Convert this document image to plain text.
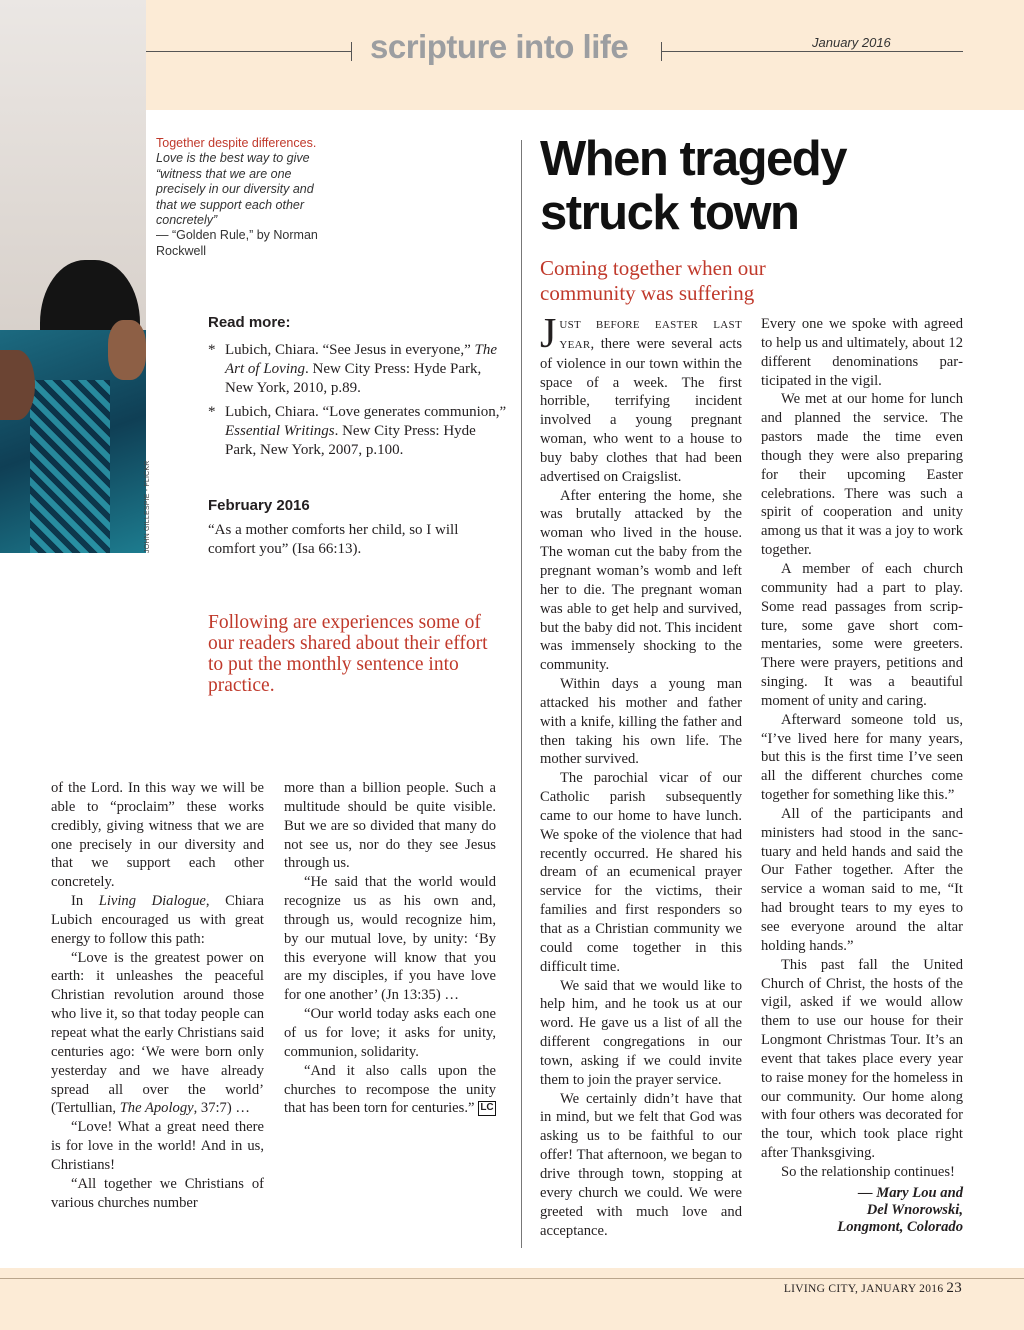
scripture into life	January 2016
JOHN GILLESPIE - FLICKR
Together despite differences. Love is the best way to give “witness that we are one precisely in our diversity and that we support each other concretely”
— “Golden Rule,” by Norman Rockwell
Read more:
* Lubich, Chiara. “See Jesus in everyone,” The Art of Loving. New City Press: Hyde Park, New York, 2010, p.89.
* Lubich, Chiara. “Love generates communion,” Essential Writings. New City Press: Hyde Park, New York, 2007, p.100.
February 2016
“As a mother comforts her child, so I will comfort you” (Isa 66:13).
Following are experiences some of our readers shared about their effort to put the monthly sentence into practice.

of the Lord. In this way we will be able to “proclaim” these works credibly, giving witness that we are one precisely in our diversity and that we support each other concretely.

In Living Dialogue, Chiara Lubich encouraged us with great energy to follow this path:

“Love is the greatest power on earth: it unleashes the peaceful Christian revolution around those who live it, so that today people can repeat what the early Christians said centuries ago: ‘We were born only yesterday and we have already spread all over the world’ (Tertullian, The Apology, 37:7) …

“Love! What a great need there is for love in the world! And in us, Christians!

“All together we Christians of various churches number

more than a billion people. Such a multitude should be quite visible. But we are so divided that many do not see us, nor do they see Jesus through us.

“He said that the world would recognize us as his own and, through us, would recognize him, by our mutual love, by unity: ‘By this everyone will know that you are my disciples, if you have love for one another’ (Jn 13:35) …

“Our world today asks each one of us for love; it asks for unity, communion, solidarity.

“And it also calls upon the churches to recompose the unity that has been torn for centuries.” LC

When tragedy struck town
Coming together when our community was suffering

JUST BEFORE EASTER LAST YEAR, there were several acts of violence in our town within the space of a week. The first horrible, terrifying incident involved a young pregnant woman, who went to a house to buy baby clothes that had been advertised on Craigslist.

After entering the home, she was brutally attacked by the woman who lived in the house. The woman cut the baby from the pregnant woman’s womb and left her to die. The pregnant woman was able to get help and survived, but the baby did not. This incident was immensely shocking to the community.

Within days a young man attacked his mother and father with a knife, killing the father and then taking his own life. The mother survived.

The parochial vicar of our Catholic parish subsequently came to our home to have lunch. We spoke of the violence that had recently occurred. He shared his dream of an ecumenical prayer service for the victims, their families and first responders so that as a Christian community we could come together in this difficult time.

We said that we would like to help him, and he took us at our word. He gave us a list of all the different congregations in our town, asking if we could invite them to join the prayer service.

We certainly didn’t have that in mind, but we felt that God was asking us to be faithful to our offer! That afternoon, we began to drive through town, stopping at every church we could. We were greeted with much love and acceptance.

Every one we spoke with agreed to help us and ultimately, about 12 different denominations participated in the vigil.

We met at our home for lunch and planned the service. The pastors made the time even though they were also preparing for their upcoming Easter celebrations. There was such a spirit of cooperation and unity among us that it was a joy to work together.

A member of each church community had a part to play. Some read passages from scripture, some gave short commentaries, some were greeters. There were prayers, petitions and singing. It was a beautiful moment of unity and caring.

Afterward someone told us, “I’ve lived here for many years, but this is the first time I’ve seen all the different churches come together for something like this.”

All of the participants and ministers had stood in the sanctuary and held hands and said the Our Father together. After the service a woman said to me, “It had brought tears to my eyes to see everyone around the altar holding hands.”

This past fall the United Church of Christ, the hosts of the vigil, asked if we would allow them to use our house for their Longmont Christmas Tour. It’s an event that takes place every year to raise money for the homeless in our community. Our home along with four others was decorated for the tour, which took place right after Thanksgiving.

So the relationship continues!

— Mary Lou and
Del Wnorowski,
Longmont, Colorado
LIVING CITY, JANUARY 2016 23
